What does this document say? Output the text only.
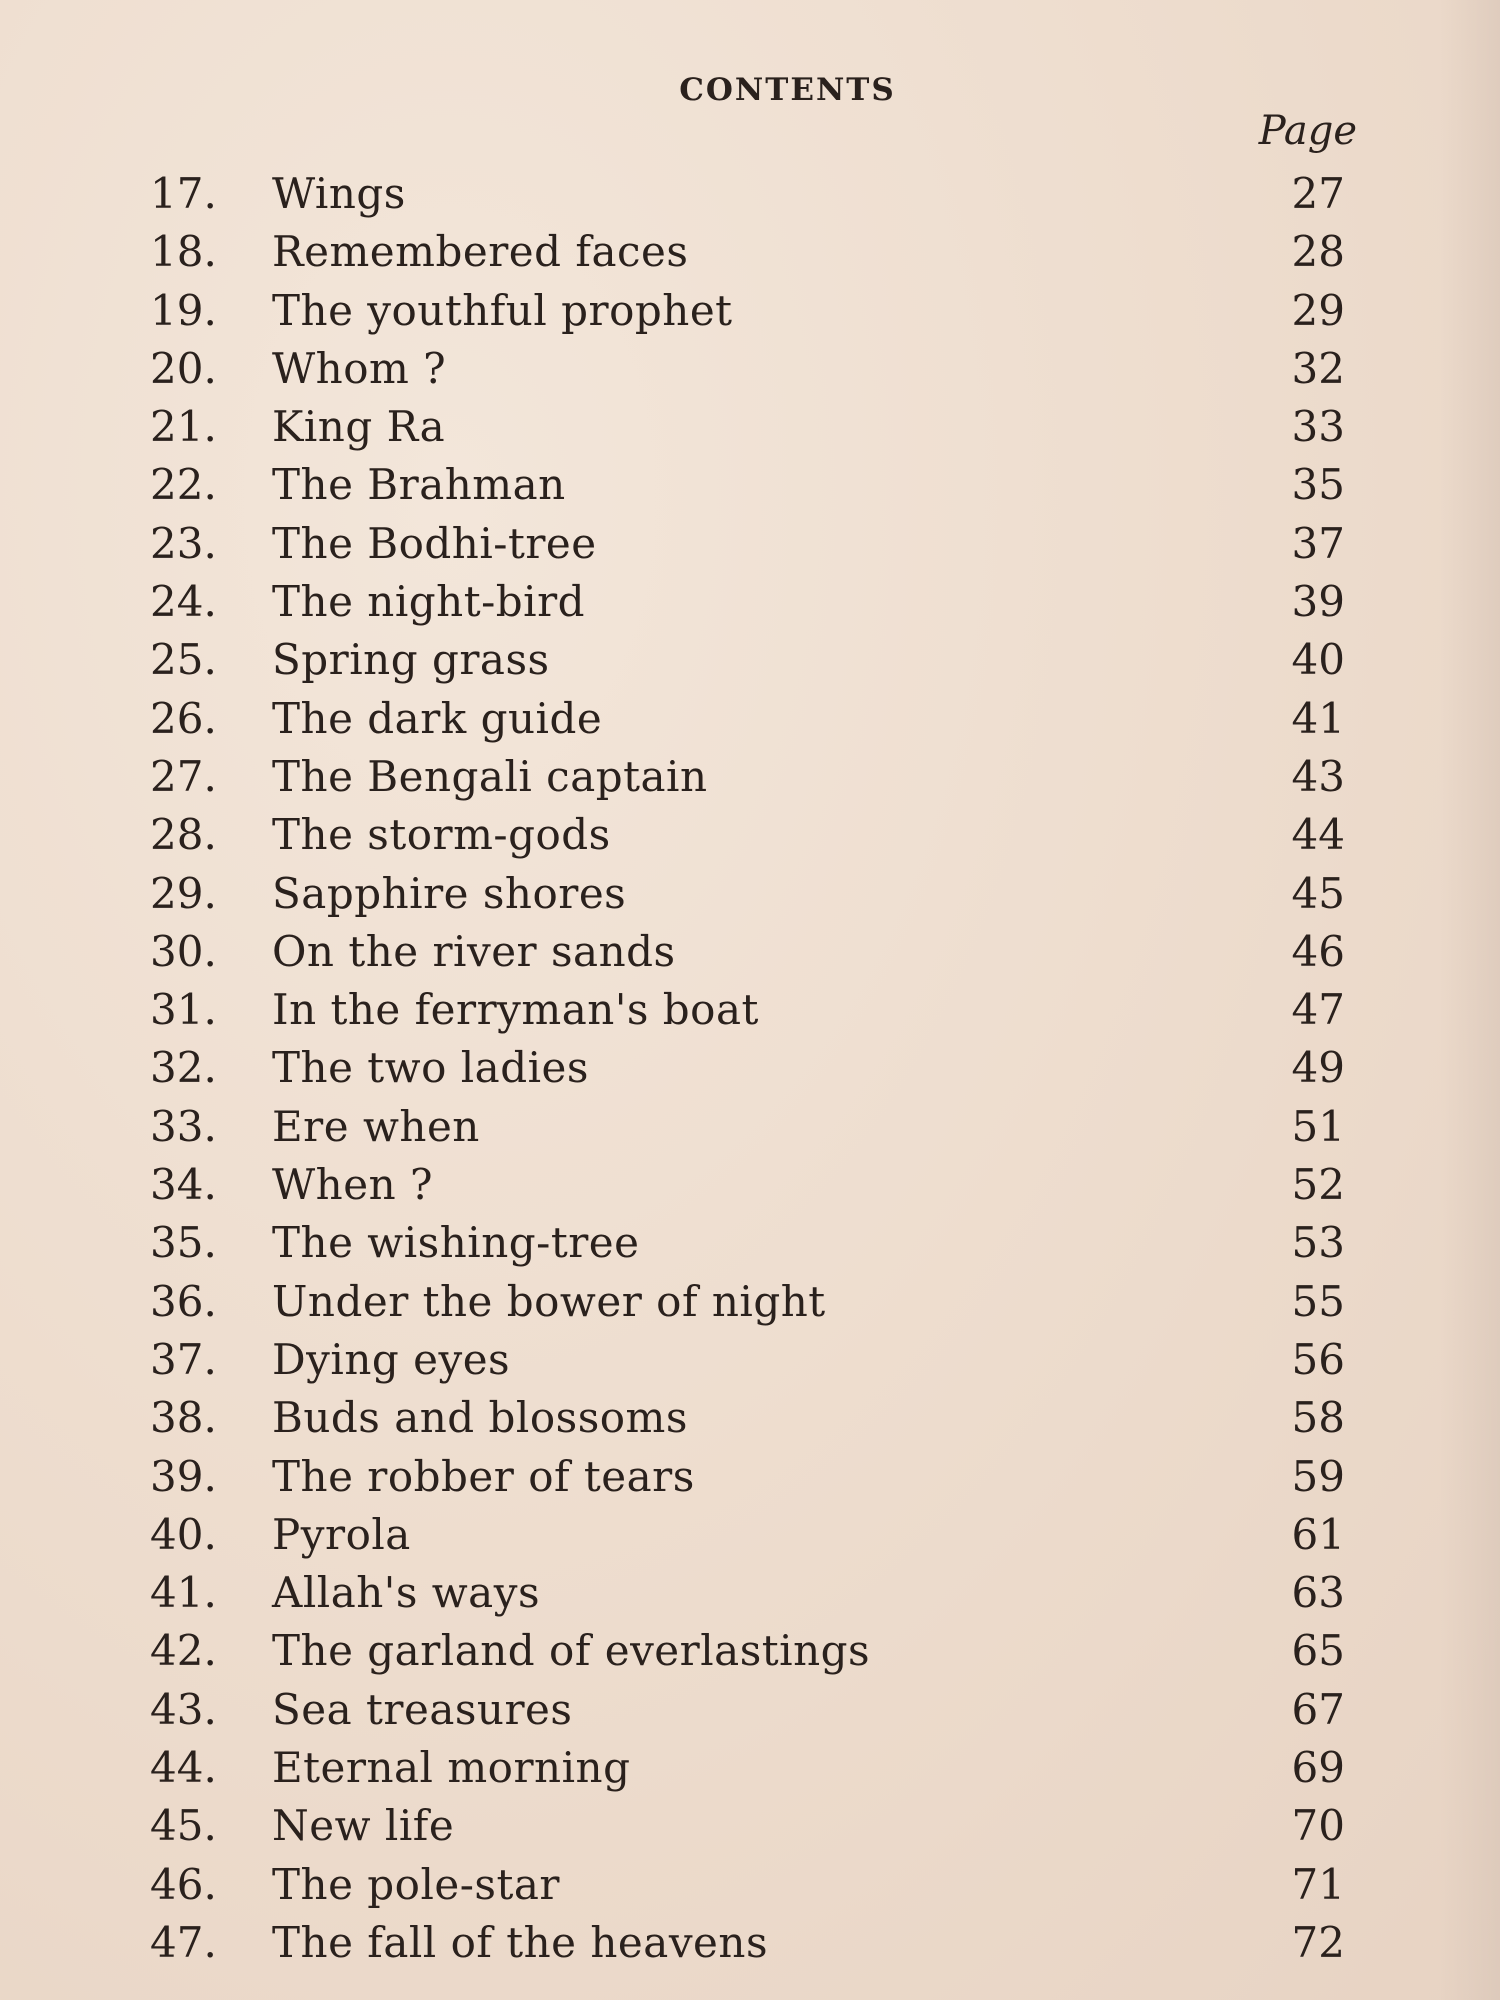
CONTENTS
Page
17.	Wings	27
18.	Remembered faces	28
19.	The youthful prophet	29
20.	Whom ?	32
21.	King Ra	33
22.	The Brahman	35
23.	The Bodhi-tree	37
24.	The night-bird	39
25.	Spring grass	40
26.	The dark guide	41
27.	The Bengali captain	43
28.	The storm-gods	44
29.	Sapphire shores	45
30.	On the river sands	46
31.	In the ferryman's boat	47
32.	The two ladies	49
33.	Ere when	51
34.	When ?	52
35.	The wishing-tree	53
36.	Under the bower of night	55
37.	Dying eyes	56
38.	Buds and blossoms	58
39.	The robber of tears	59
40.	Pyrola	61
41.	Allah's ways	63
42.	The garland of everlastings	65
43.	Sea treasures	67
44.	Eternal morning	69
45.	New life	70
46.	The pole-star	71
47.	The fall of the heavens	72
